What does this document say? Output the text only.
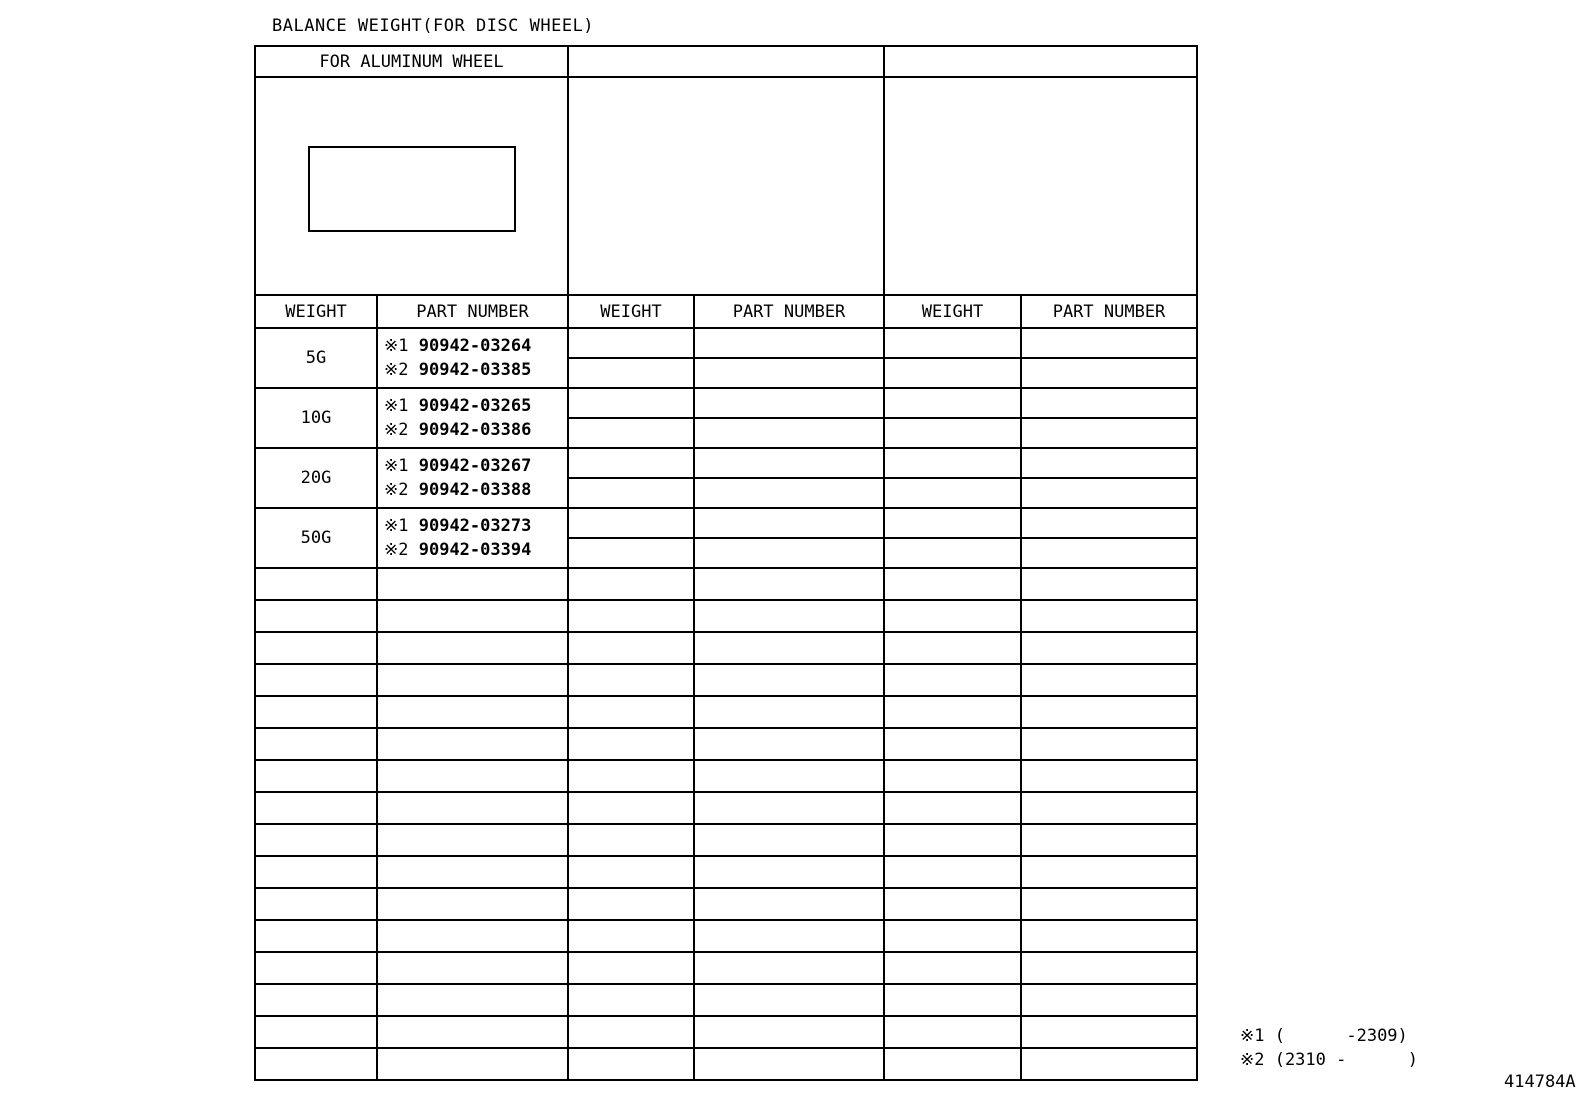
BALANCE WEIGHT(FOR DISC WHEEL)
FOR ALUMINUM WHEEL					

WEIGHT	PART NUMBER	WEIGHT	PART NUMBER	WEIGHT	PART NUMBER
5G	※1 90942-03264
※2 90942-03385				

10G	※1 90942-03265
※2 90942-03386				

20G	※1 90942-03267
※2 90942-03388				

50G	※1 90942-03273
※2 90942-03394				

※1 (      -2309)
※2 (2310 -      )
414784A
